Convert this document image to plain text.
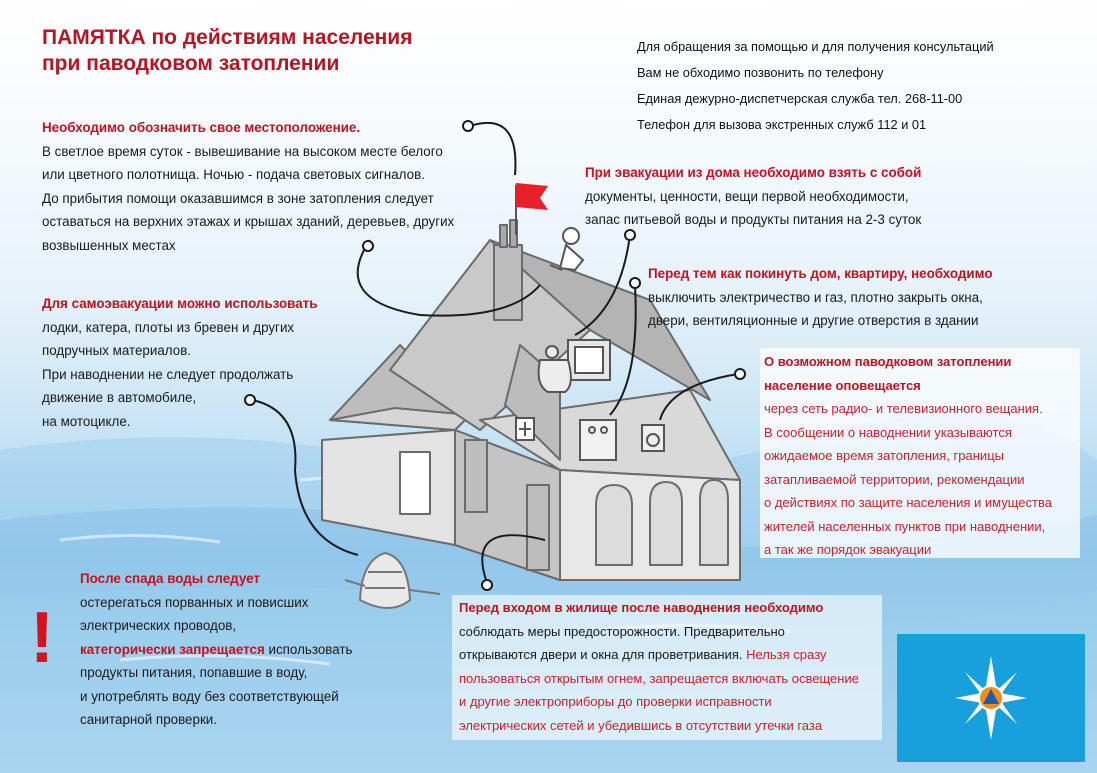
ПАМЯТКА по действиям населения
при паводковом затоплении
Для обращения за помощью и для получения консультаций
Вам не обходимо позвонить по телефону
Единая дежурно-диспетчерская служба тел. 268-11-00
Телефон для вызова экстренных служб 112 и 01
Необходимо обозначить свое местоположение.
В светлое время суток - вывешивание на высоком месте белого
или цветного полотнища. Ночью - подача световых сигналов.
До прибытия помощи оказавшимся в зоне затопления следует
оставаться на верхних этажах и крышах зданий, деревьев, других
возвышенных местах
При эвакуации из дома необходимо взять с собой
документы, ценности, вещи первой необходимости,
запас питьевой воды и продукты питания на 2-3 суток
Перед тем как покинуть дом, квартиру, необходимо
выключить электричество и газ, плотно закрыть окна,
двери, вентиляционные и другие отверстия в здании
Для самоэвакуации можно использовать
лодки, катера, плоты из бревен и других
подручных материалов.
При наводнении не следует продолжать
движение в автомобиле,
на мотоцикле.
О возможном паводковом затоплении
население оповещается
через сеть радио- и телевизионного вещания.
В сообщении о наводнении указываются
ожидаемое время затопления, границы
затапливаемой территории, рекомендации
о действиях по защите населения и имущества
жителей населенных пунктов при наводнении,
а так же порядок эвакуации
!
После спада воды следует
остерегаться порванных и повисших
электрических проводов,
категорически запрещается использовать
продукты питания, попавшие в воду,
и употреблять воду без соответствующей
санитарной проверки.
Перед входом в жилище после наводнения необходимо
соблюдать меры предосторожности. Предварительно
открываются двери и окна для проветривания. Нельзя сразу
пользоваться открытым огнем, запрещается включать освещение
и другие электроприборы до проверки исправности
электрических сетей и убедившись в отсутствии утечки газа
